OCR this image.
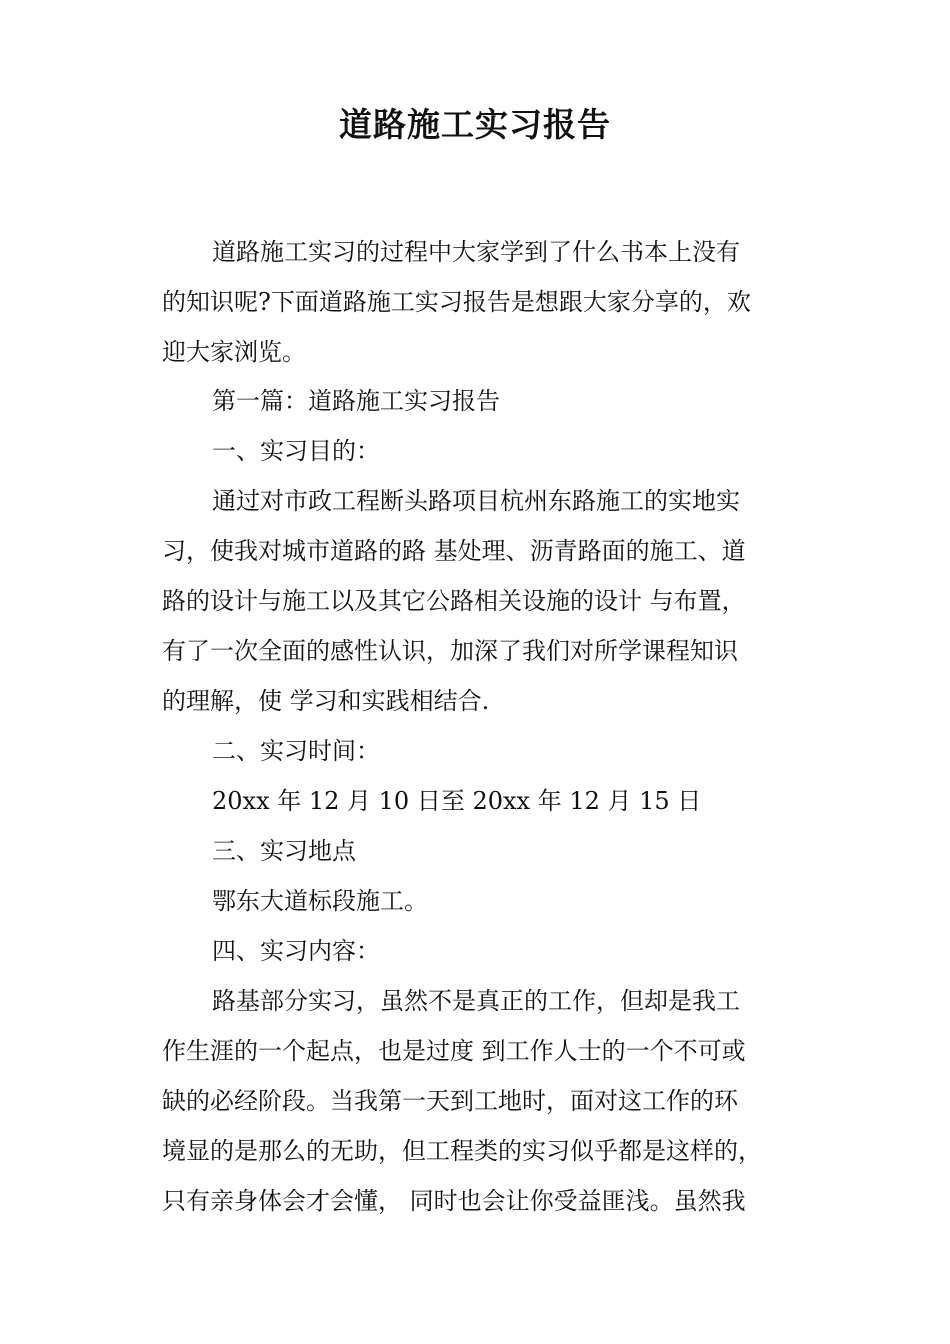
道路施工实习报告
道路施工实习的过程中大家学到了什么书本上没有
的知识呢?下面道路施工实习报告是想跟大家分享的，欢
迎大家浏览。
第一篇：道路施工实习报告
一、实习目的：
通过对市政工程断头路项目杭州东路施工的实地实
习，使我对城市道路的路 基处理、沥青路面的施工、道
路的设计与施工以及其它公路相关设施的设计 与布置，
有了一次全面的感性认识，加深了我们对所学课程知识
的理解，使 学习和实践相结合.
二、实习时间：
20xx 年 12 月 10 日至 20xx 年 12 月 15 日
三、实习地点
鄂东大道标段施工。
四、实习内容：
路基部分实习，虽然不是真正的工作，但却是我工
作生涯的一个起点，也是过度 到工作人士的一个不可或
缺的必经阶段。当我第一天到工地时，面对这工作的环
境显的是那么的无助，但工程类的实习似乎都是这样的，
只有亲身体会才会懂， 同时也会让你受益匪浅。虽然我
